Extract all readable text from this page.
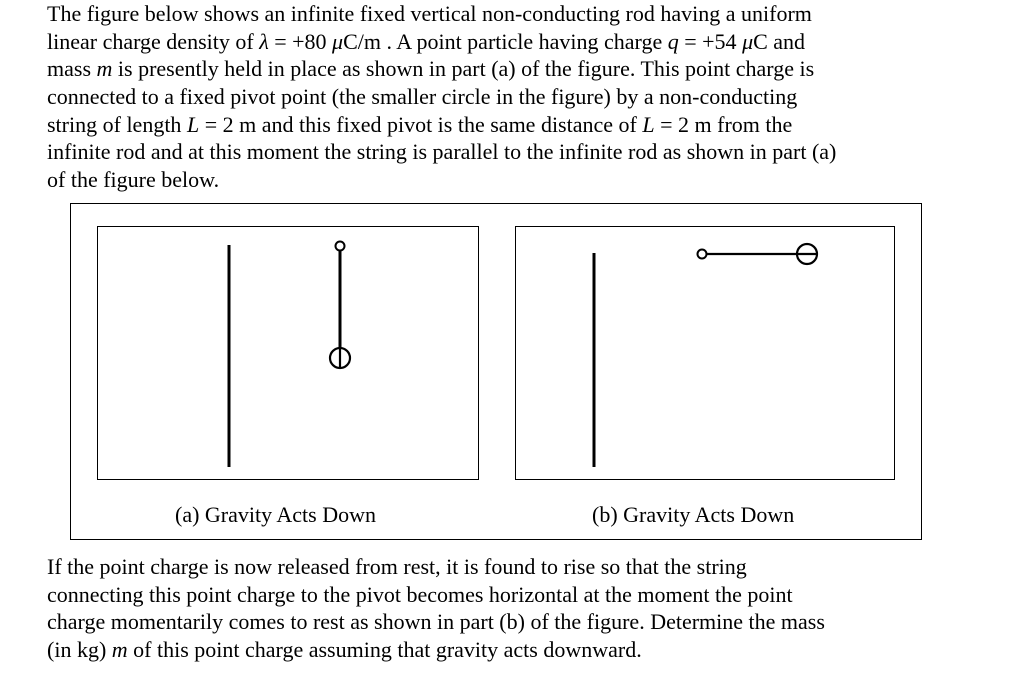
The figure below shows an infinite fixed vertical non-conducting rod having a uniform
linear charge density of λ = +80 μC/m . A point particle having charge q = +54 μC and
mass m is presently held in place as shown in part (a) of the figure. This point charge is
connected to a fixed pivot point (the smaller circle in the figure) by a non-conducting
string of length L = 2 m and this fixed pivot is the same distance of L = 2 m from the
infinite rod and at this moment the string is parallel to the infinite rod as shown in part (a)
of the figure below.
(a) Gravity Acts Down	(b) Gravity Acts Down
If the point charge is now released from rest, it is found to rise so that the string
connecting this point charge to the pivot becomes horizontal at the moment the point
charge momentarily comes to rest as shown in part (b) of the figure. Determine the mass
(in kg) m of this point charge assuming that gravity acts downward.
